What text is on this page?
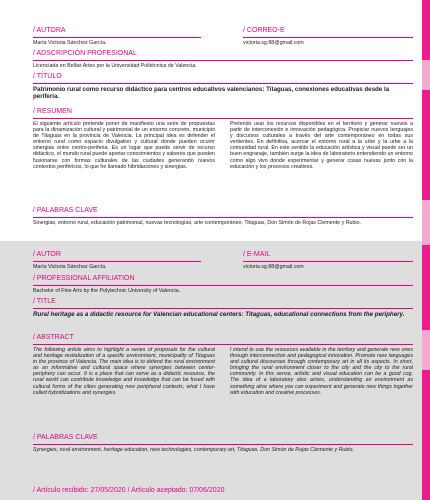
/ AUTORA
María Victoria Sánchez García.
/ CORREO-E
victoria.sg.88@gmail.com
/ ADSCRIPCIÓN PROFESIONAL
Licenciada en Bellas Artes por la Universidad Politécnica de Valencia.
/ TÍTULO
Patrimonio rural como recurso didáctico para centros educativos valencianos: Titaguas, conexiones educativas desde la periferia.
/ RESUMEN
El siguiente artículo pretende poner de manifiesto una serie de propuestas para la dinamización cultural y patrimonial de un entorno concreto, municipio de Titaguas en la provincia de Valencia. La principal idea es defender el entorno rural como espacio divulgativo y cultural donde pueden ocurrir sinergias entre centro-periferia. Es un lugar que puede servir de recurso didáctico, el mundo rural puede aportar conocimientos y saberes que pueden fusionarse con formas culturales de las ciudades generando nuevos contextos periféricos, lo que he llamado hibridaciones y sinergias.
Pretendo usar los recursos disponibles en el territorio y generar nuevos a partir de interconexión e innovación pedagógica. Propiciar nuevos lenguajes y discursos culturales a través del arte contemporáneo en todas sus vertientes. En definitiva, acercar el entorno rural a la urbe y la urbe a la comunidad rural. En este sentido la educación artística y visual puede ser un buen engranaje, también surge la idea de laboratorio entendiendo un entorno como algo vivo donde experimentar y generar cosas nuevas junto con la educación y los procesos creativos.
/ PALABRAS CLAVE
Sinergias, entorno rural, educación patrimonial, nuevas tecnologías, arte contemporáneo, Titaguas, Don Simón de Rojas Clemente y Rubio.
/ AUTOR
María Victoria Sánchez García.
/ E-MAIL
victoria.sg.88@gmail.com
/ PROFESSIONAL AFFILIATION
Bachelor of Fine Arts by the Polytechnic University of Valencia.
/ TITLE
Rural heritage as a didactic resource for Valencian educational centers: Titaguas, educational connections from the periphery.
/ ABSTRACT
The following article aims to highlight a series of proposals for the cultural and heritage revitalization of a specific environment, municipality of Titaguas in the province of Valencia. The main idea is to defend the rural environment as an informative and cultural space where synergies between center-periphery can occur. It is a place that can serve as a didactic resource, the rural world can contribute knowledge and knowledge that can be fused with cultural forms of the cities generating new peripheral contexts, what I have called hybridizations and synergies.
I intend to use the resources available in the territory and generate new ones through interconnection and pedagogical innovation. Promote new languages and cultural discourses through contemporary art in all its aspects. In short, bringing the rural environment closer to the city and the city to the rural community. In this sense, artistic and visual education can be a good cog. The idea of a laboratory also arises, understanding an environment as something alive where you can experiment and generate new things together with education and creative processes.
/ PALABRAS CLAVE
Synergies, rural environment, heritage education, new technologies, contemporary art, Titaguas, Don Simón de Rojas Clemente y Rubio.
/ Artículo recibido: 27/05/2020 / Artículo aceptado: 07/06/2020
